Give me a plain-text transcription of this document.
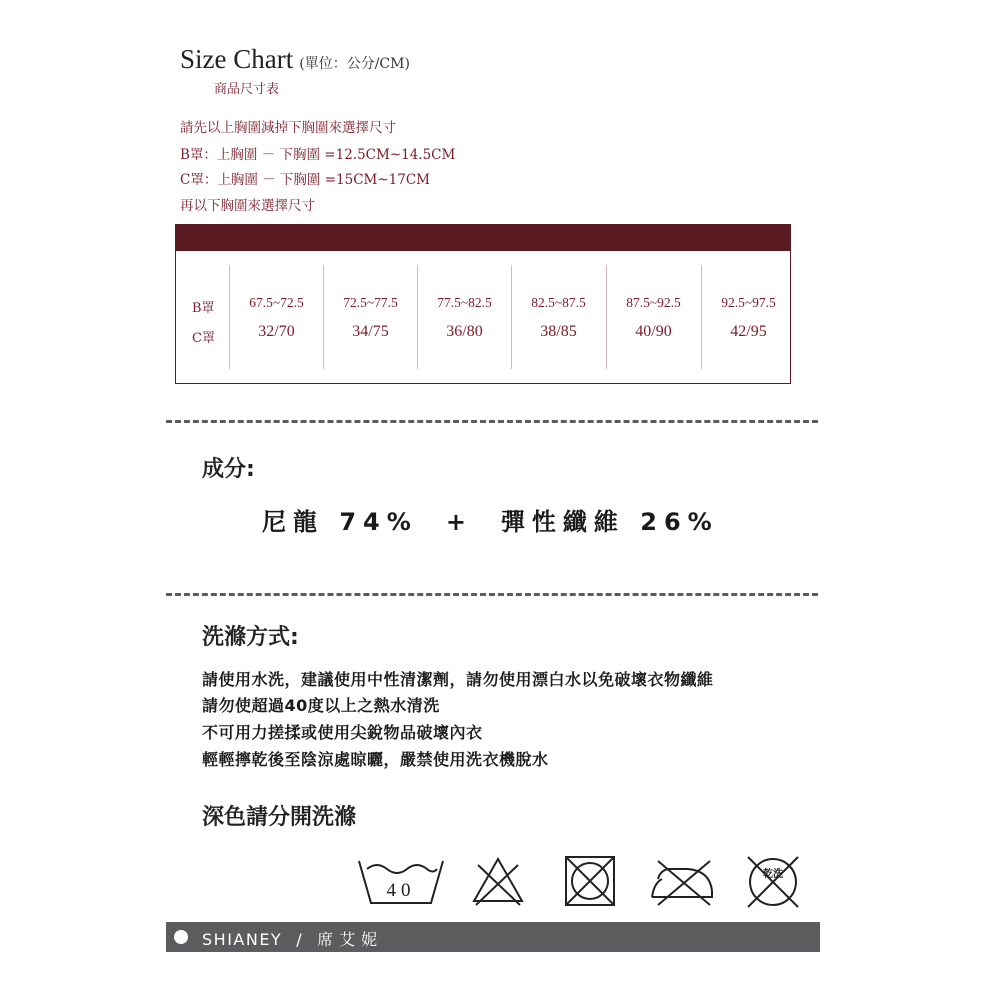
Size Chart (單位：公分/CM)
商品尺寸表
請先以上胸圍減掉下胸圍來選擇尺寸
B罩：上胸圍 － 下胸圍 =12.5CM~14.5CM
C罩：上胸圍 － 下胸圍 =15CM~17CM
再以下胸圍來選擇尺寸
B罩
C罩
67.5~72.5
32/70
72.5~77.5
34/75
77.5~82.5
36/80
82.5~87.5
38/85
87.5~92.5
40/90
92.5~97.5
42/95
成分:
尼龍 74% + 彈性纖維 26%
洗滌方式:
請使用水洗，建議使用中性清潔劑，請勿使用漂白水以免破壞衣物纖維
請勿使超過40度以上之熱水清洗
不可用力搓揉或使用尖銳物品破壞內衣
輕輕擰乾後至陰涼處晾曬，嚴禁使用洗衣機脫水
深色請分開洗滌
40
乾洗
SHIANEY / 席艾妮
